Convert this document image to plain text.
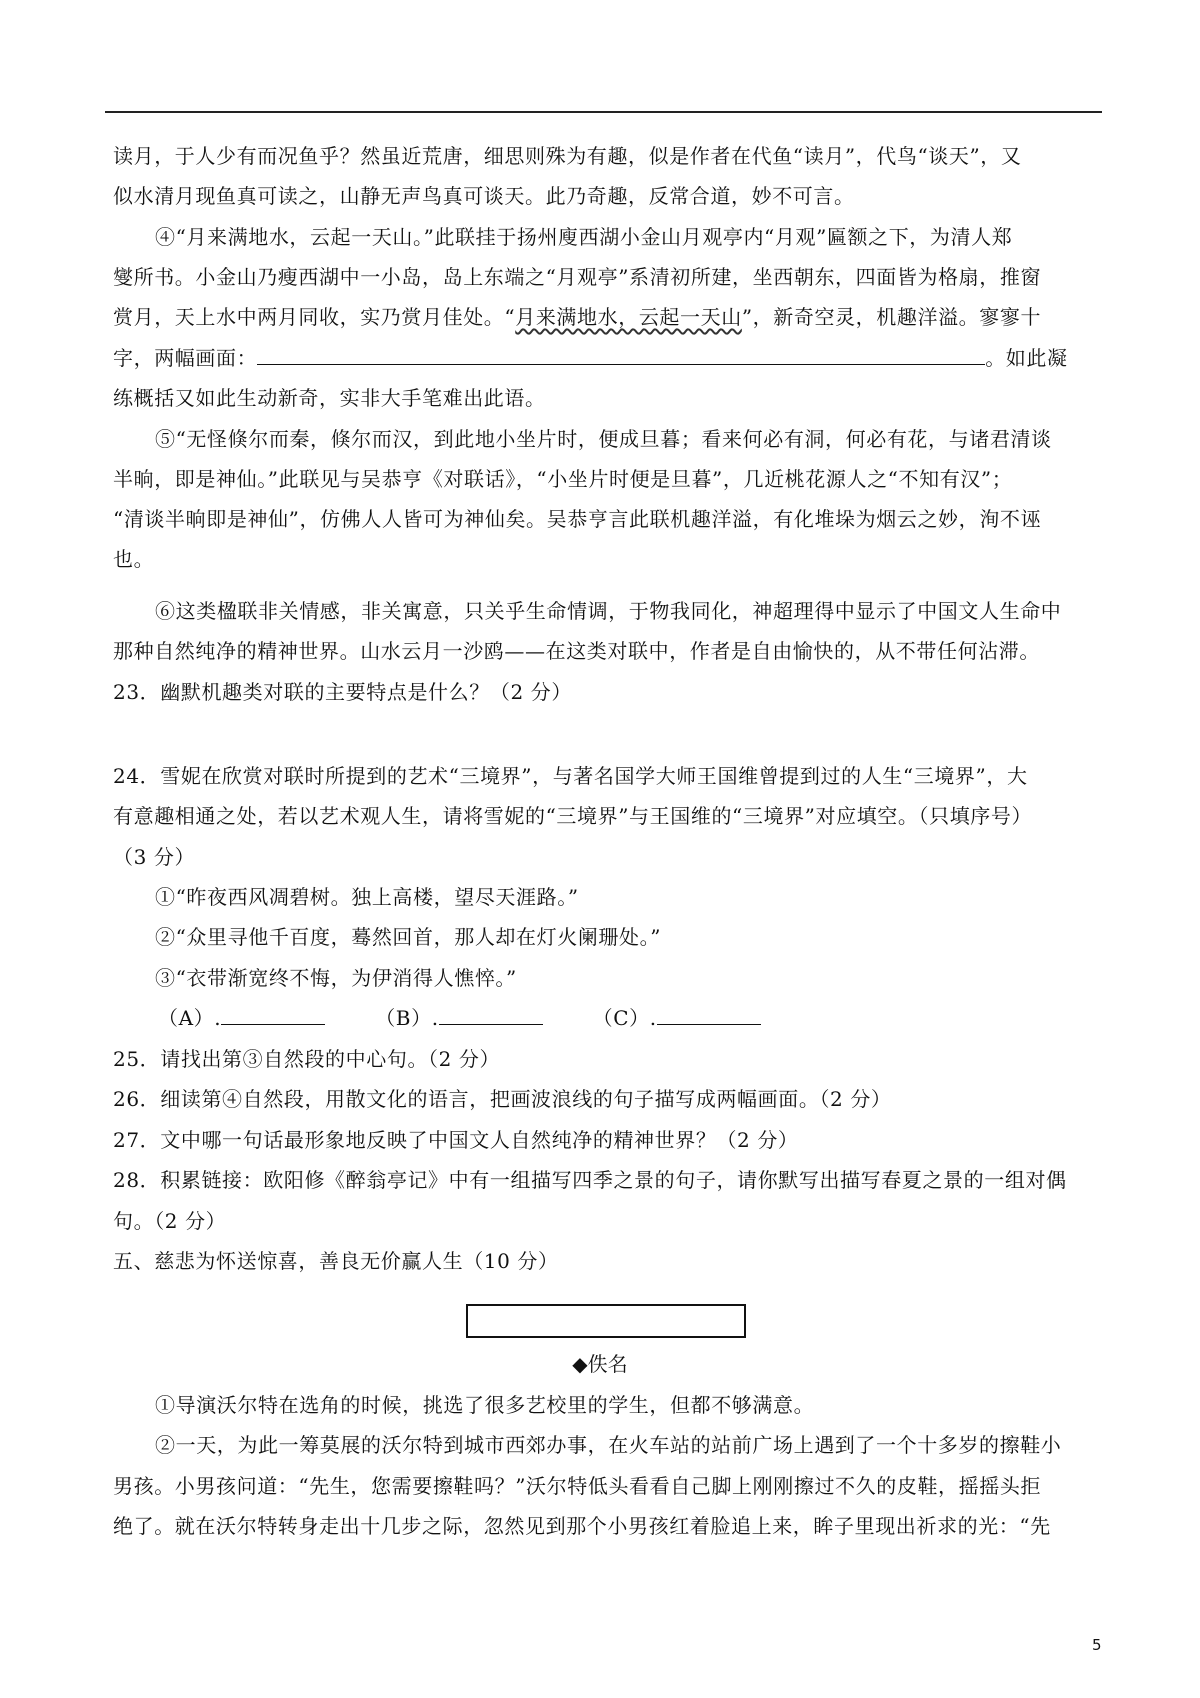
读月，于人少有而况鱼乎？然虽近荒唐，细思则殊为有趣，似是作者在代鱼“读月”，代鸟“谈天”，又
似水清月现鱼真可读之，山静无声鸟真可谈天。此乃奇趣，反常合道，妙不可言。
④“月来满地水，云起一天山。”此联挂于扬州廋西湖小金山月观亭内“月观”匾额之下，为清人郑
燮所书。小金山乃瘦西湖中一小岛，岛上东端之“月观亭”系清初所建，坐西朝东，四面皆为格扇，推窗
赏月，天上水中两月同收，实乃赏月佳处。“月来满地水，云起一天山”，新奇空灵，机趣洋溢。寥寥十
字，两幅画面：	。如此凝
练概括又如此生动新奇，实非大手笔难出此语。
⑤“无怪倏尔而秦，倏尔而汉，到此地小坐片时，便成旦暮；看来何必有洞，何必有花，与诸君清谈
半晌，即是神仙。”此联见与吴恭亨《对联话》，“小坐片时便是旦暮”，几近桃花源人之“不知有汉”；
“清谈半晌即是神仙”，仿佛人人皆可为神仙矣。吴恭亨言此联机趣洋溢，有化堆垛为烟云之妙，洵不诬
也。
⑥这类楹联非关情感，非关寓意，只关乎生命情调，于物我同化，神超理得中显示了中国文人生命中
那种自然纯净的精神世界。山水云月一沙鸥——在这类对联中，作者是自由愉快的，从不带任何沾滞。
23．幽默机趣类对联的主要特点是什么？（2 分）
24．雪妮在欣赏对联时所提到的艺术“三境界”，与著名国学大师王国维曾提到过的人生“三境界”，大
有意趣相通之处，若以艺术观人生，请将雪妮的“三境界”与王国维的“三境界”对应填空。（只填序号）
（3 分）
①“昨夜西风凋碧树。独上高楼，望尽天涯路。”
②“众里寻他千百度，蓦然回首，那人却在灯火阑珊处。”
③“衣带渐宽终不悔，为伊消得人憔悴。”
（A）.	（B）.	（C）.
25．请找出第③自然段的中心句。（2 分）
26．细读第④自然段，用散文化的语言，把画波浪线的句子描写成两幅画面。（2 分）
27．文中哪一句话最形象地反映了中国文人自然纯净的精神世界？（2 分）
28．积累链接：欧阳修《醉翁亭记》中有一组描写四季之景的句子，请你默写出描写春夏之景的一组对偶
句。（2 分）
五、慈悲为怀送惊喜，善良无价赢人生（10 分）
◆佚名
①导演沃尔特在选角的时候，挑选了很多艺校里的学生，但都不够满意。
②一天，为此一筹莫展的沃尔特到城市西郊办事，在火车站的站前广场上遇到了一个十多岁的擦鞋小
男孩。小男孩问道：“先生，您需要擦鞋吗？”沃尔特低头看看自己脚上刚刚擦过不久的皮鞋，摇摇头拒
绝了。就在沃尔特转身走出十几步之际，忽然见到那个小男孩红着脸追上来，眸子里现出祈求的光：“先
5
